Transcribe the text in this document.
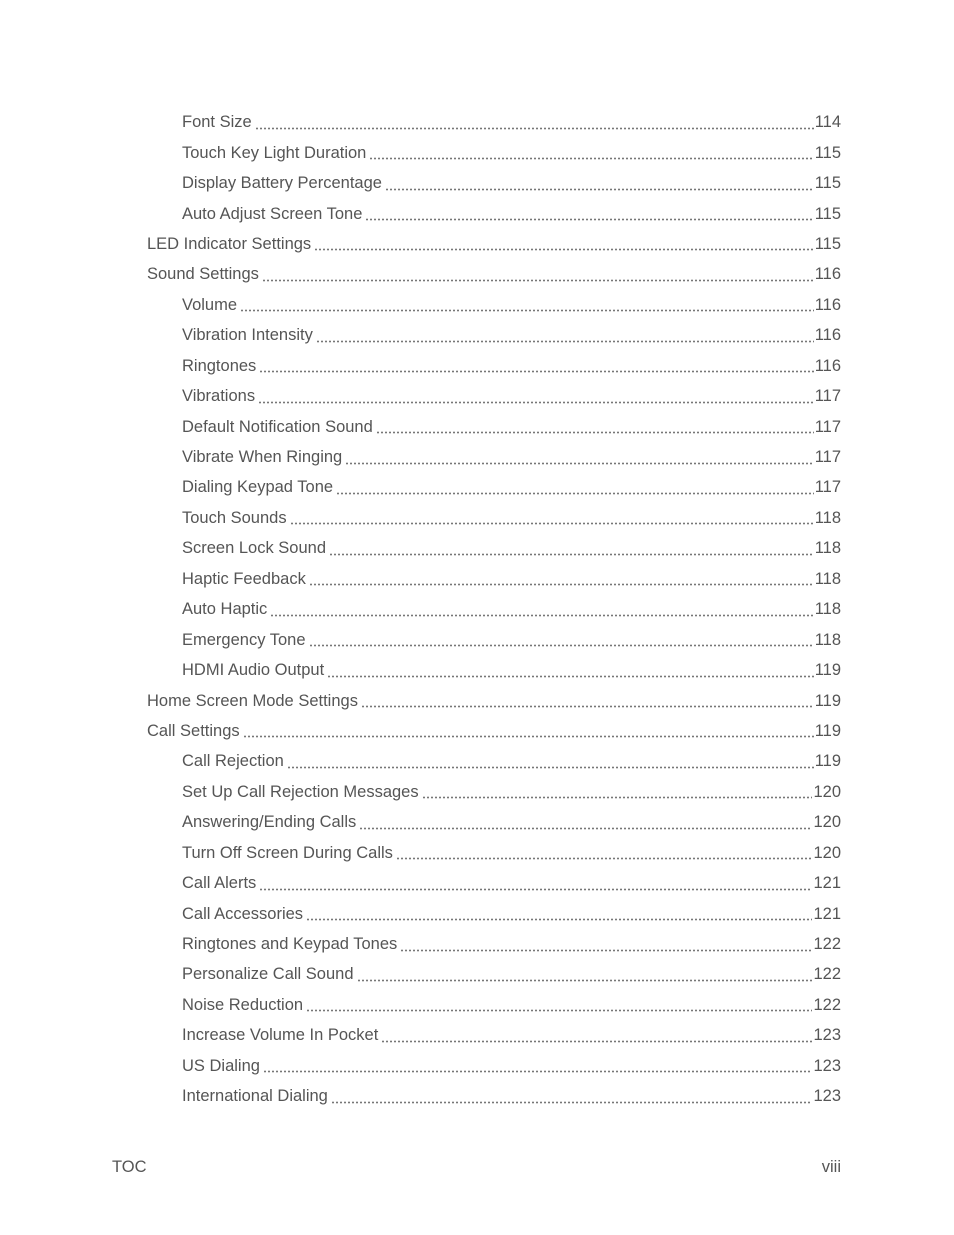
Font Size	114
Touch Key Light Duration	115
Display Battery Percentage	115
Auto Adjust Screen Tone	115
LED Indicator Settings	115
Sound Settings	116
Volume	116
Vibration Intensity	116
Ringtones	116
Vibrations	117
Default Notification Sound	117
Vibrate When Ringing	117
Dialing Keypad Tone	117
Touch Sounds	118
Screen Lock Sound	118
Haptic Feedback	118
Auto Haptic	118
Emergency Tone	118
HDMI Audio Output	119
Home Screen Mode Settings	119
Call Settings	119
Call Rejection	119
Set Up Call Rejection Messages	120
Answering/Ending Calls	120
Turn Off Screen During Calls	120
Call Alerts	121
Call Accessories	121
Ringtones and Keypad Tones	122
Personalize Call Sound	122
Noise Reduction	122
Increase Volume In Pocket	123
US Dialing	123
International Dialing	123
TOC	viii
